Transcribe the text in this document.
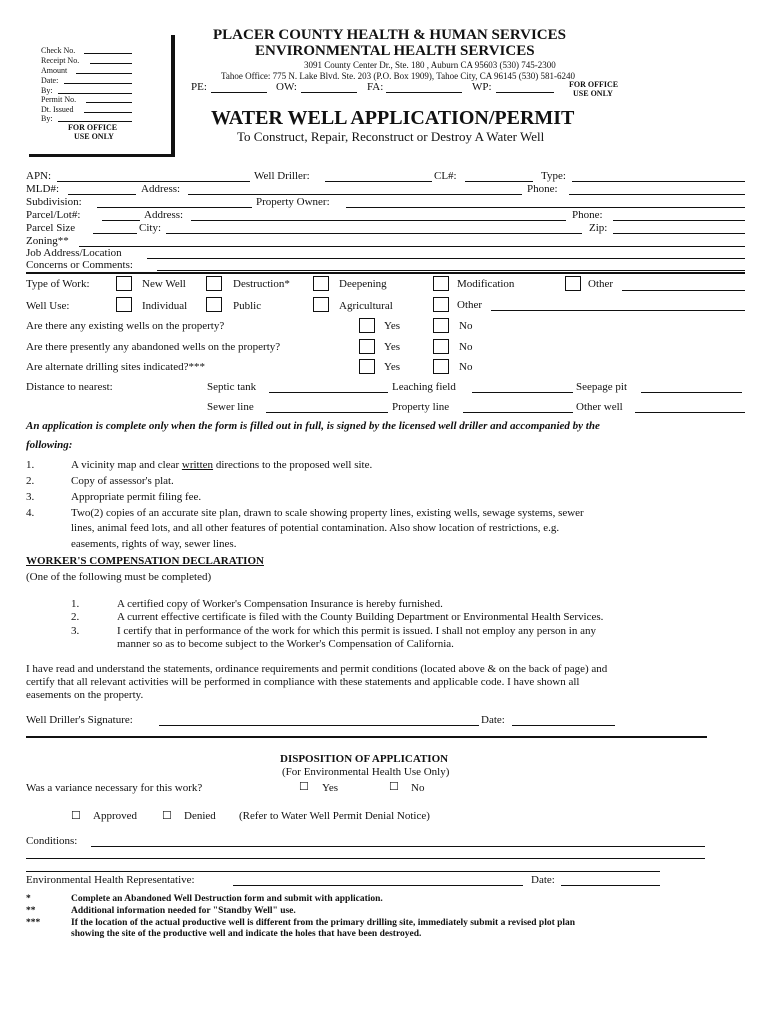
Check No.
Receipt No.
Amount
Date:
By:
Permit No.
Dt. Issued
By:
FOR OFFICE
USE ONLY
PLACER COUNTY HEALTH & HUMAN SERVICES
ENVIRONMENTAL HEALTH SERVICES
3091 County Center Dr., Ste. 180 , Auburn CA 95603 (530) 745-2300
Tahoe Office: 775 N. Lake Blvd. Ste. 203 (P.O. Box 1909), Tahoe City, CA 96145 (530) 581-6240
PE:	OW:	FA:	WP:	FOR OFFICE
USE ONLY
WATER WELL APPLICATION/PERMIT
To Construct, Repair, Reconstruct or Destroy A Water Well
APN:	Well Driller:	CL#:	Type:
MLD#:	Address:	Phone:
Subdivision:	Property Owner:
Parcel/Lot#:	Address:	Phone:
Parcel Size	City:	Zip:
Zoning**
Job Address/Location
Concerns or Comments:
Type of Work:	New Well	Destruction*	Deepening	Modification	Other
Well Use:	Individual	Public	Agricultural	Other
Are there any existing wells on the property?	Yes	No
Are there presently any abandoned wells on the property?	Yes	No
Are alternate drilling sites indicated?***	Yes	No
Distance to nearest:	Septic tank	Leaching field	Seepage pit
Sewer line	Property line	Other well
An application is complete only when the form is filled out in full, is signed by the licensed well driller and accompanied by the
following:
1.	A vicinity map and clear written directions to the proposed well site.
2.	Copy of assessor's plat.
3.	Appropriate permit filing fee.
4.	Two(2) copies of an accurate site plan, drawn to scale showing property lines, existing wells, sewage systems, sewer
lines, animal feed lots, and all other features of potential contamination. Also show location of restrictions, e.g.
easements, rights of way, sewer lines.
WORKER'S COMPENSATION DECLARATION
(One of the following must be completed)
1.	A certified copy of Worker's Compensation Insurance is hereby furnished.
2.	A current effective certificate is filed with the County Building Department or Environmental Health Services.
3.	I certify that in performance of the work for which this permit is issued. I shall not employ any person in any
manner so as to become subject to the Worker's Compensation of California.
I have read and understand the statements, ordinance requirements and permit conditions (located above & on the back of page) and
certify that all relevant activities will be performed in compliance with these statements and applicable code. I have shown all
easements on the property.
Well Driller's Signature:	Date:
DISPOSITION OF APPLICATION
(For Environmental Health Use Only)
Was a variance necessary for this work?	☐ Yes	☐ No
☐ Approved ☐ Denied (Refer to Water Well Permit Denial Notice)
Conditions:
Environmental Health Representative:	Date:
*	Complete an Abandoned Well Destruction form and submit with application.
**	Additional information needed for "Standby Well" use.
***	If the location of the actual productive well is different from the primary drilling site, immediately submit a revised plot plan
showing the site of the productive well and indicate the holes that have been destroyed.
